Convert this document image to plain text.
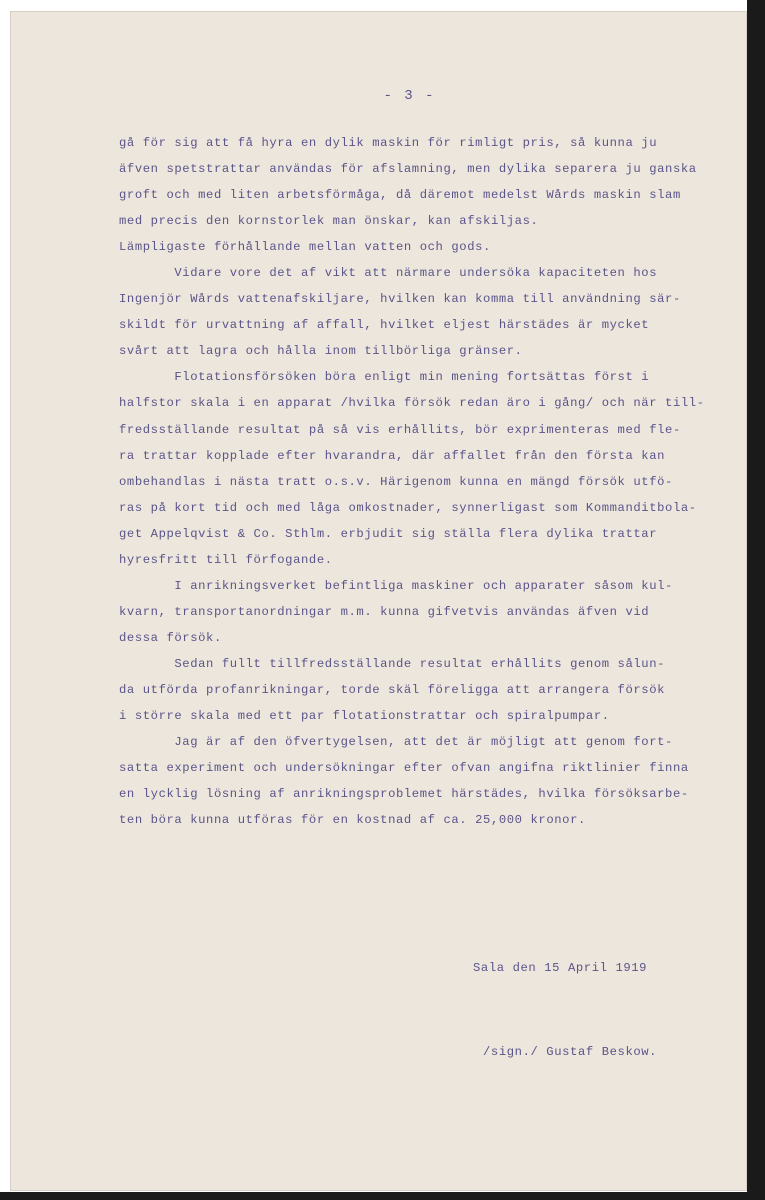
- 3 -
gå för sig att få hyra en dylik maskin för rimligt pris, så kunna ju
äfven spetstrattar användas för afslamning, men dylika separera ju ganska
groft och med liten arbetsförmåga, då däremot medelst Wårds maskin slam
med precis den kornstorlek man önskar, kan afskiljas.
Lämpligaste förhållande mellan vatten och gods.
Vidare vore det af vikt att närmare undersöka kapaciteten hos
Ingenjör Wårds vattenafskiljare, hvilken kan komma till användning sär-
skildt för urvattning af affall, hvilket eljest härstädes är mycket
svårt att lagra och hålla inom tillbörliga gränser.
Flotationsförsöken böra enligt min mening fortsättas först i
halfstor skala i en apparat /hvilka försök redan äro i gång/ och när till-
fredsställande resultat på så vis erhållits, bör exprimenteras med fle-
ra trattar kopplade efter hvarandra, där affallet från den första kan
ombehandlas i nästa tratt o.s.v. Härigenom kunna en mängd försök utfö-
ras på kort tid och med låga omkostnader, synnerligast som Kommanditbola-
get Appelqvist & Co. Sthlm. erbjudit sig ställa flera dylika trattar
hyresfritt till förfogande.
I anrikningsverket befintliga maskiner och apparater såsom kul-
kvarn, transportanordningar m.m. kunna gifvetvis användas äfven vid
dessa försök.
Sedan fullt tillfredsställande resultat erhållits genom sålun-
da utförda profanrikningar, torde skäl föreligga att arrangera försök
i större skala med ett par flotationstrattar och spiralpumpar.
Jag är af den öfvertygelsen, att det är möjligt att genom fort-
satta experiment och undersökningar efter ofvan angifna riktlinier finna
en lycklig lösning af anrikningsproblemet härstädes, hvilka försöksarbe-
ten böra kunna utföras för en kostnad af ca. 25,000 kronor.

Sala den 15 April 1919

/sign./ Gustaf Beskow.
